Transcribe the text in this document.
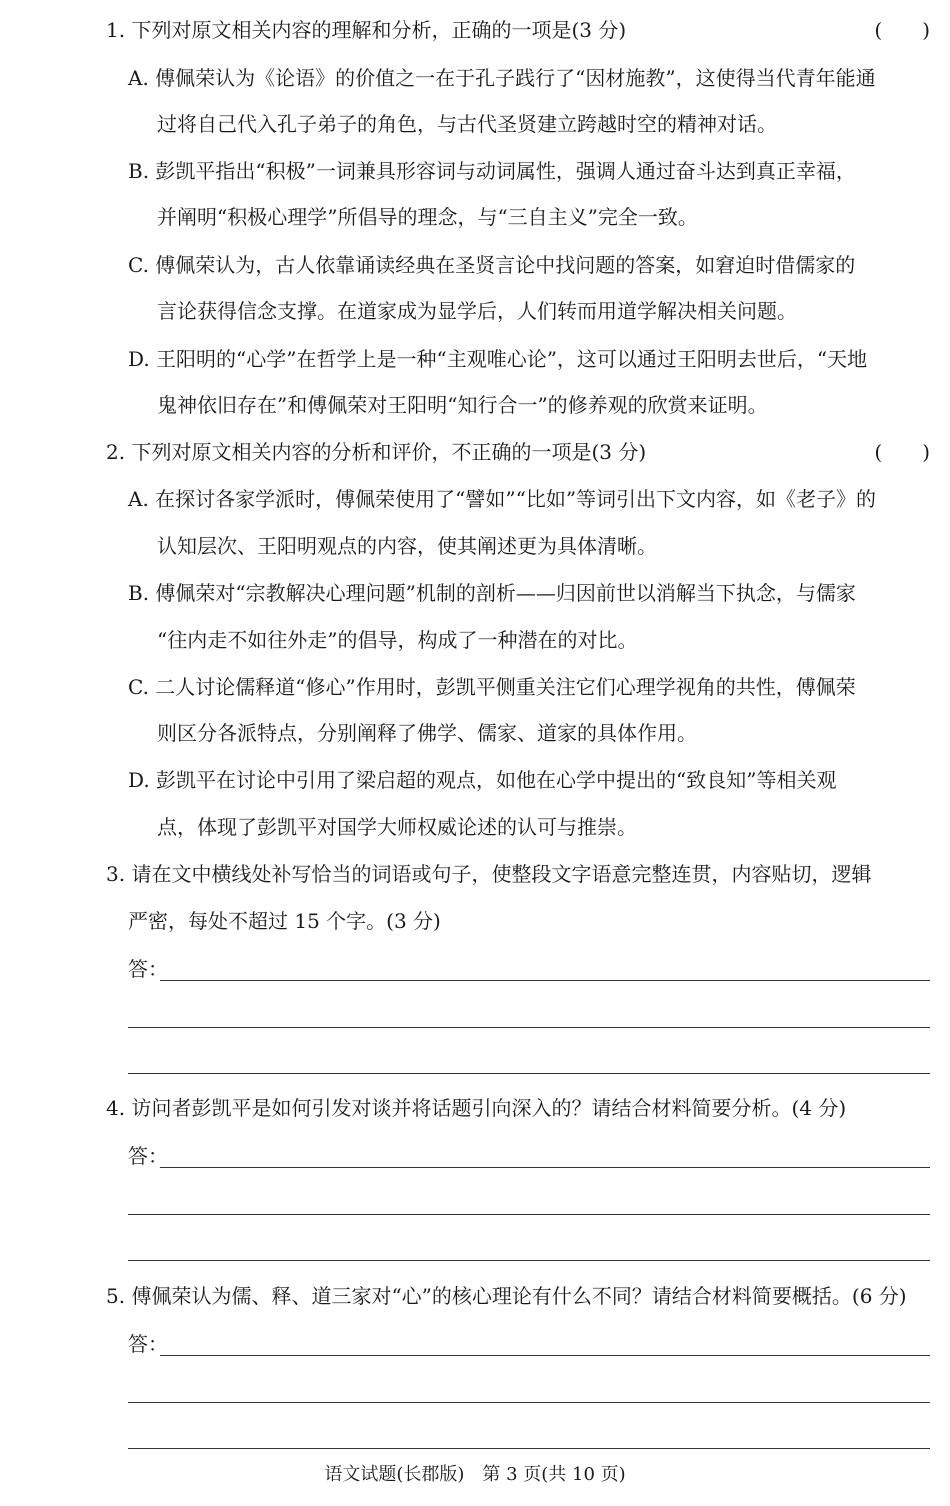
1. 下列对原文相关内容的理解和分析，正确的一项是(3 分)	(　　)
A. 傅佩荣认为《论语》的价值之一在于孔子践行了“因材施教”，这使得当代青年能通
过将自己代入孔子弟子的角色，与古代圣贤建立跨越时空的精神对话。
B. 彭凯平指出“积极”一词兼具形容词与动词属性，强调人通过奋斗达到真正幸福，
并阐明“积极心理学”所倡导的理念，与“三自主义”完全一致。
C. 傅佩荣认为，古人依靠诵读经典在圣贤言论中找问题的答案，如窘迫时借儒家的
言论获得信念支撑。在道家成为显学后，人们转而用道学解决相关问题。
D. 王阳明的“心学”在哲学上是一种“主观唯心论”，这可以通过王阳明去世后，“天地
鬼神依旧存在”和傅佩荣对王阳明“知行合一”的修养观的欣赏来证明。
2. 下列对原文相关内容的分析和评价，不正确的一项是(3 分)	(　　)
A. 在探讨各家学派时，傅佩荣使用了“譬如”“比如”等词引出下文内容，如《老子》的
认知层次、王阳明观点的内容，使其阐述更为具体清晰。
B. 傅佩荣对“宗教解决心理问题”机制的剖析——归因前世以消解当下执念，与儒家
“往内走不如往外走”的倡导，构成了一种潜在的对比。
C. 二人讨论儒释道“修心”作用时，彭凯平侧重关注它们心理学视角的共性，傅佩荣
则区分各派特点，分别阐释了佛学、儒家、道家的具体作用。
D. 彭凯平在讨论中引用了梁启超的观点，如他在心学中提出的“致良知”等相关观
点，体现了彭凯平对国学大师权威论述的认可与推崇。
3. 请在文中横线处补写恰当的词语或句子，使整段文字语意完整连贯，内容贴切，逻辑
严密，每处不超过 15 个字。(3 分)
答：
4. 访问者彭凯平是如何引发对谈并将话题引向深入的？请结合材料简要分析。(4 分)
答：
5. 傅佩荣认为儒、释、道三家对“心”的核心理论有什么不同？请结合材料简要概括。(6 分)
答：
语文试题(长郡版)　第 3 页(共 10 页)
